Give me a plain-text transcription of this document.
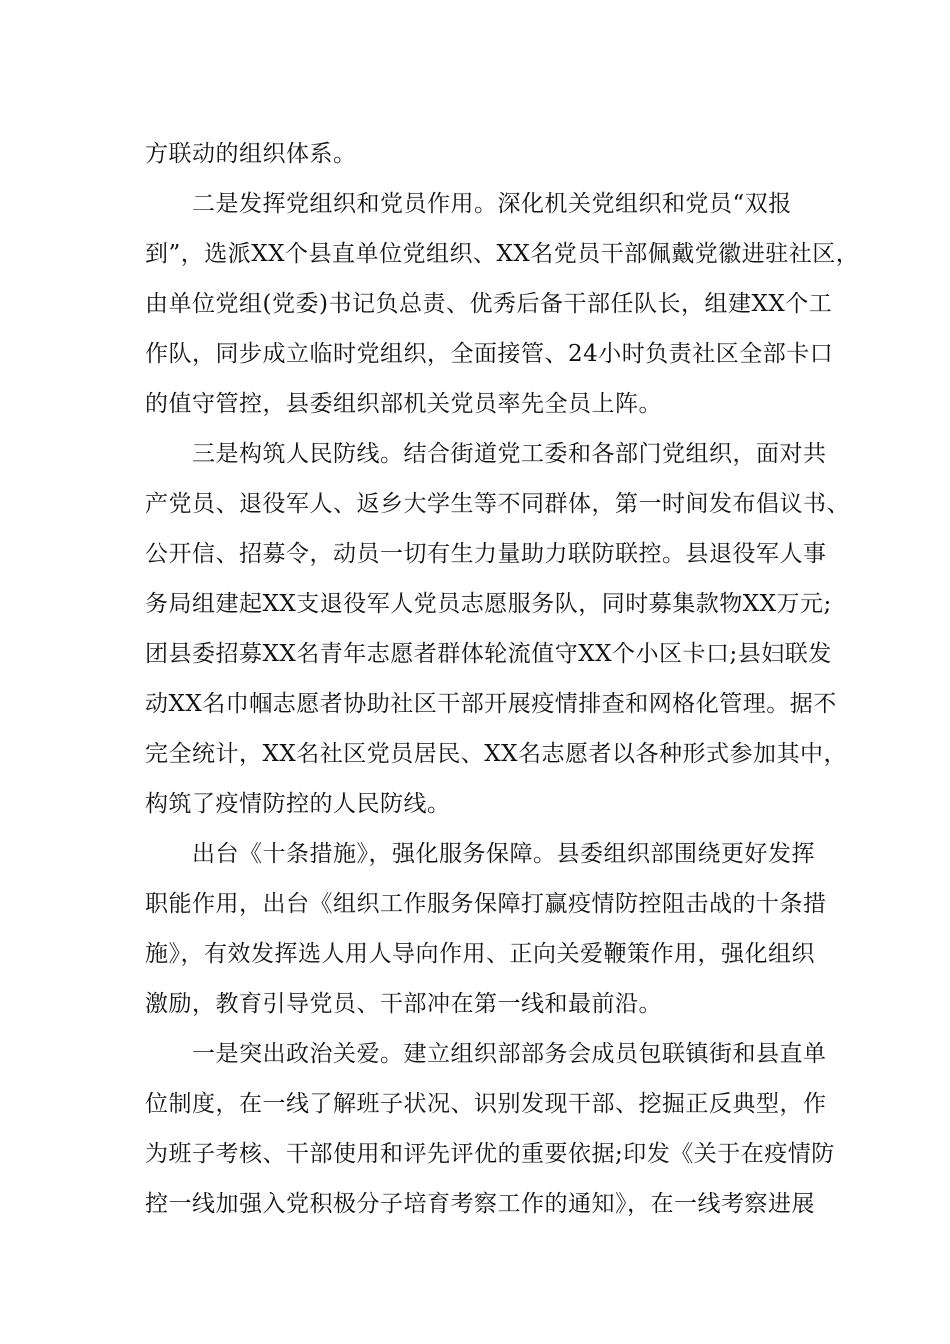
方联动的组织体系。
　　二是发挥党组织和党员作用。深化机关党组织和党员“双报
到”，选派XX个县直单位党组织、XX名党员干部佩戴党徽进驻社区，
由单位党组(党委)书记负总责、优秀后备干部任队长，组建XX个工
作队，同步成立临时党组织，全面接管、24小时负责社区全部卡口
的值守管控，县委组织部机关党员率先全员上阵。
　　三是构筑人民防线。结合街道党工委和各部门党组织，面对共
产党员、退役军人、返乡大学生等不同群体，第一时间发布倡议书、
公开信、招募令，动员一切有生力量助力联防联控。县退役军人事
务局组建起XX支退役军人党员志愿服务队，同时募集款物XX万元;
团县委招募XX名青年志愿者群体轮流值守XX个小区卡口;县妇联发
动XX名巾帼志愿者协助社区干部开展疫情排查和网格化管理。据不
完全统计，XX名社区党员居民、XX名志愿者以各种形式参加其中，
构筑了疫情防控的人民防线。
　　出台《十条措施》，强化服务保障。县委组织部围绕更好发挥
职能作用，出台《组织工作服务保障打赢疫情防控阻击战的十条措
施》，有效发挥选人用人导向作用、正向关爱鞭策作用，强化组织
激励，教育引导党员、干部冲在第一线和最前沿。
　　一是突出政治关爱。建立组织部部务会成员包联镇街和县直单
位制度，在一线了解班子状况、识别发现干部、挖掘正反典型，作
为班子考核、干部使用和评先评优的重要依据;印发《关于在疫情防
控一线加强入党积极分子培育考察工作的通知》，在一线考察进展
